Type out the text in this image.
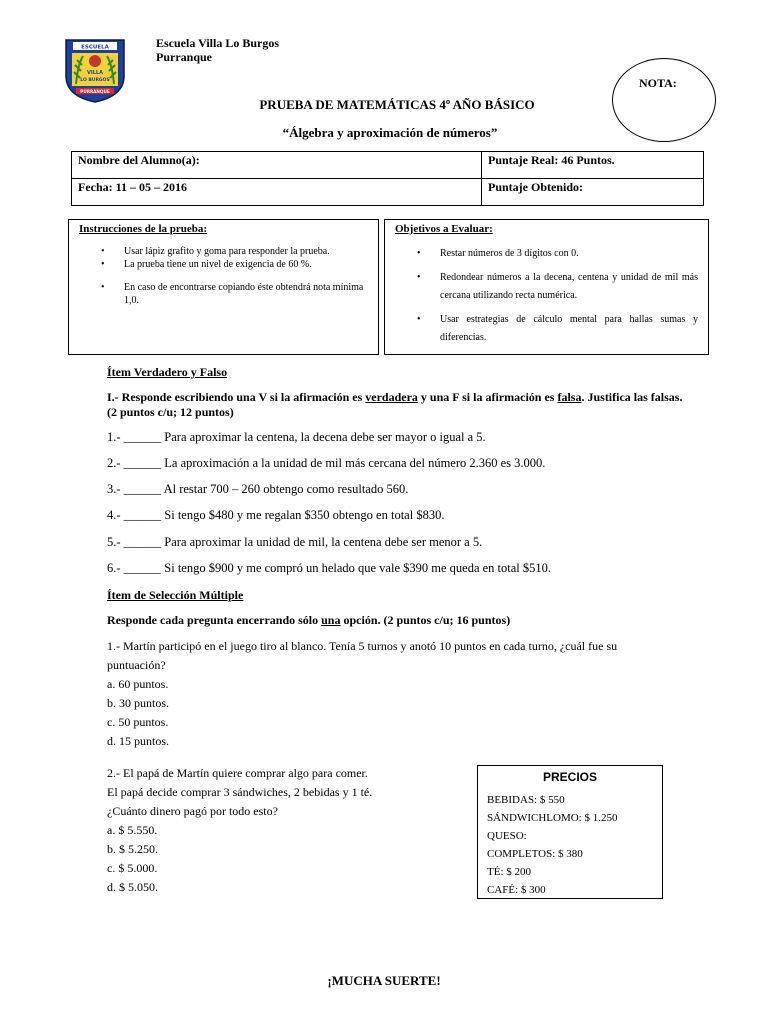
ESCUELA
VILLA
LO BURGOS
PURRANQUE
Escuela Villa Lo Burgos
Purranque
NOTA:
PRUEBA DE MATEMÁTICAS 4º AÑO BÁSICO
“Álgebra y aproximación de números”
Nombre del Alumno(a):	Puntaje Real: 46 Puntos.
Fecha: 11 – 05 – 2016	Puntaje Obtenido:
Instrucciones de la prueba:
• Usar lápiz grafito y goma para responder la prueba.
• La prueba tiene un nivel de exigencia de 60 %.
• En caso de encontrarse copiando éste obtendrá nota mínima 1,0.
Objetivos a Evaluar:
• Restar números de 3 dígitos con 0.
• Redondear números a la decena, centena y unidad de mil más cercana utilizando recta numérica.
• Usar estrategias de cálculo mental para hallas sumas y diferencias.
Ítem Verdadero y Falso
I.- Responde escribiendo una V si la afirmación es verdadera y una F si la afirmación es falsa. Justifica las falsas. (2 puntos c/u; 12 puntos)
1.- ______ Para aproximar la centena, la decena debe ser mayor o igual a 5.
2.- ______ La aproximación a la unidad de mil más cercana del número 2.360 es 3.000.
3.- ______ Al restar 700 – 260 obtengo como resultado 560.
4.- ______ Si tengo $480 y me regalan $350 obtengo en total $830.
5.- ______ Para aproximar la unidad de mil, la centena debe ser menor a 5.
6.- ______ Si tengo $900 y me compró un helado que vale $390 me queda en total $510.
Ítem de Selección Múltiple
Responde cada pregunta encerrando sólo una opción. (2 puntos c/u; 16 puntos)
1.- Martín participó en el juego tiro al blanco. Tenía 5 turnos y anotó 10 puntos en cada turno, ¿cuál fue su puntuación?
a. 60 puntos.
b. 30 puntos.
c. 50 puntos.
d. 15 puntos.
2.- El papá de Martín quiere comprar algo para comer.
El papá decide comprar 3 sándwiches, 2 bebidas y 1 té.
¿Cuánto dinero pagó por todo esto?
a. $ 5.550.
b. $ 5.250.
c. $ 5.000.
d. $ 5.050.
PRECIOS
BEBIDAS: $ 550
SÁNDWICHLOMO: $ 1.250
QUESO:
COMPLETOS: $ 380
TÉ: $ 200
CAFÉ: $ 300
¡MUCHA SUERTE!
